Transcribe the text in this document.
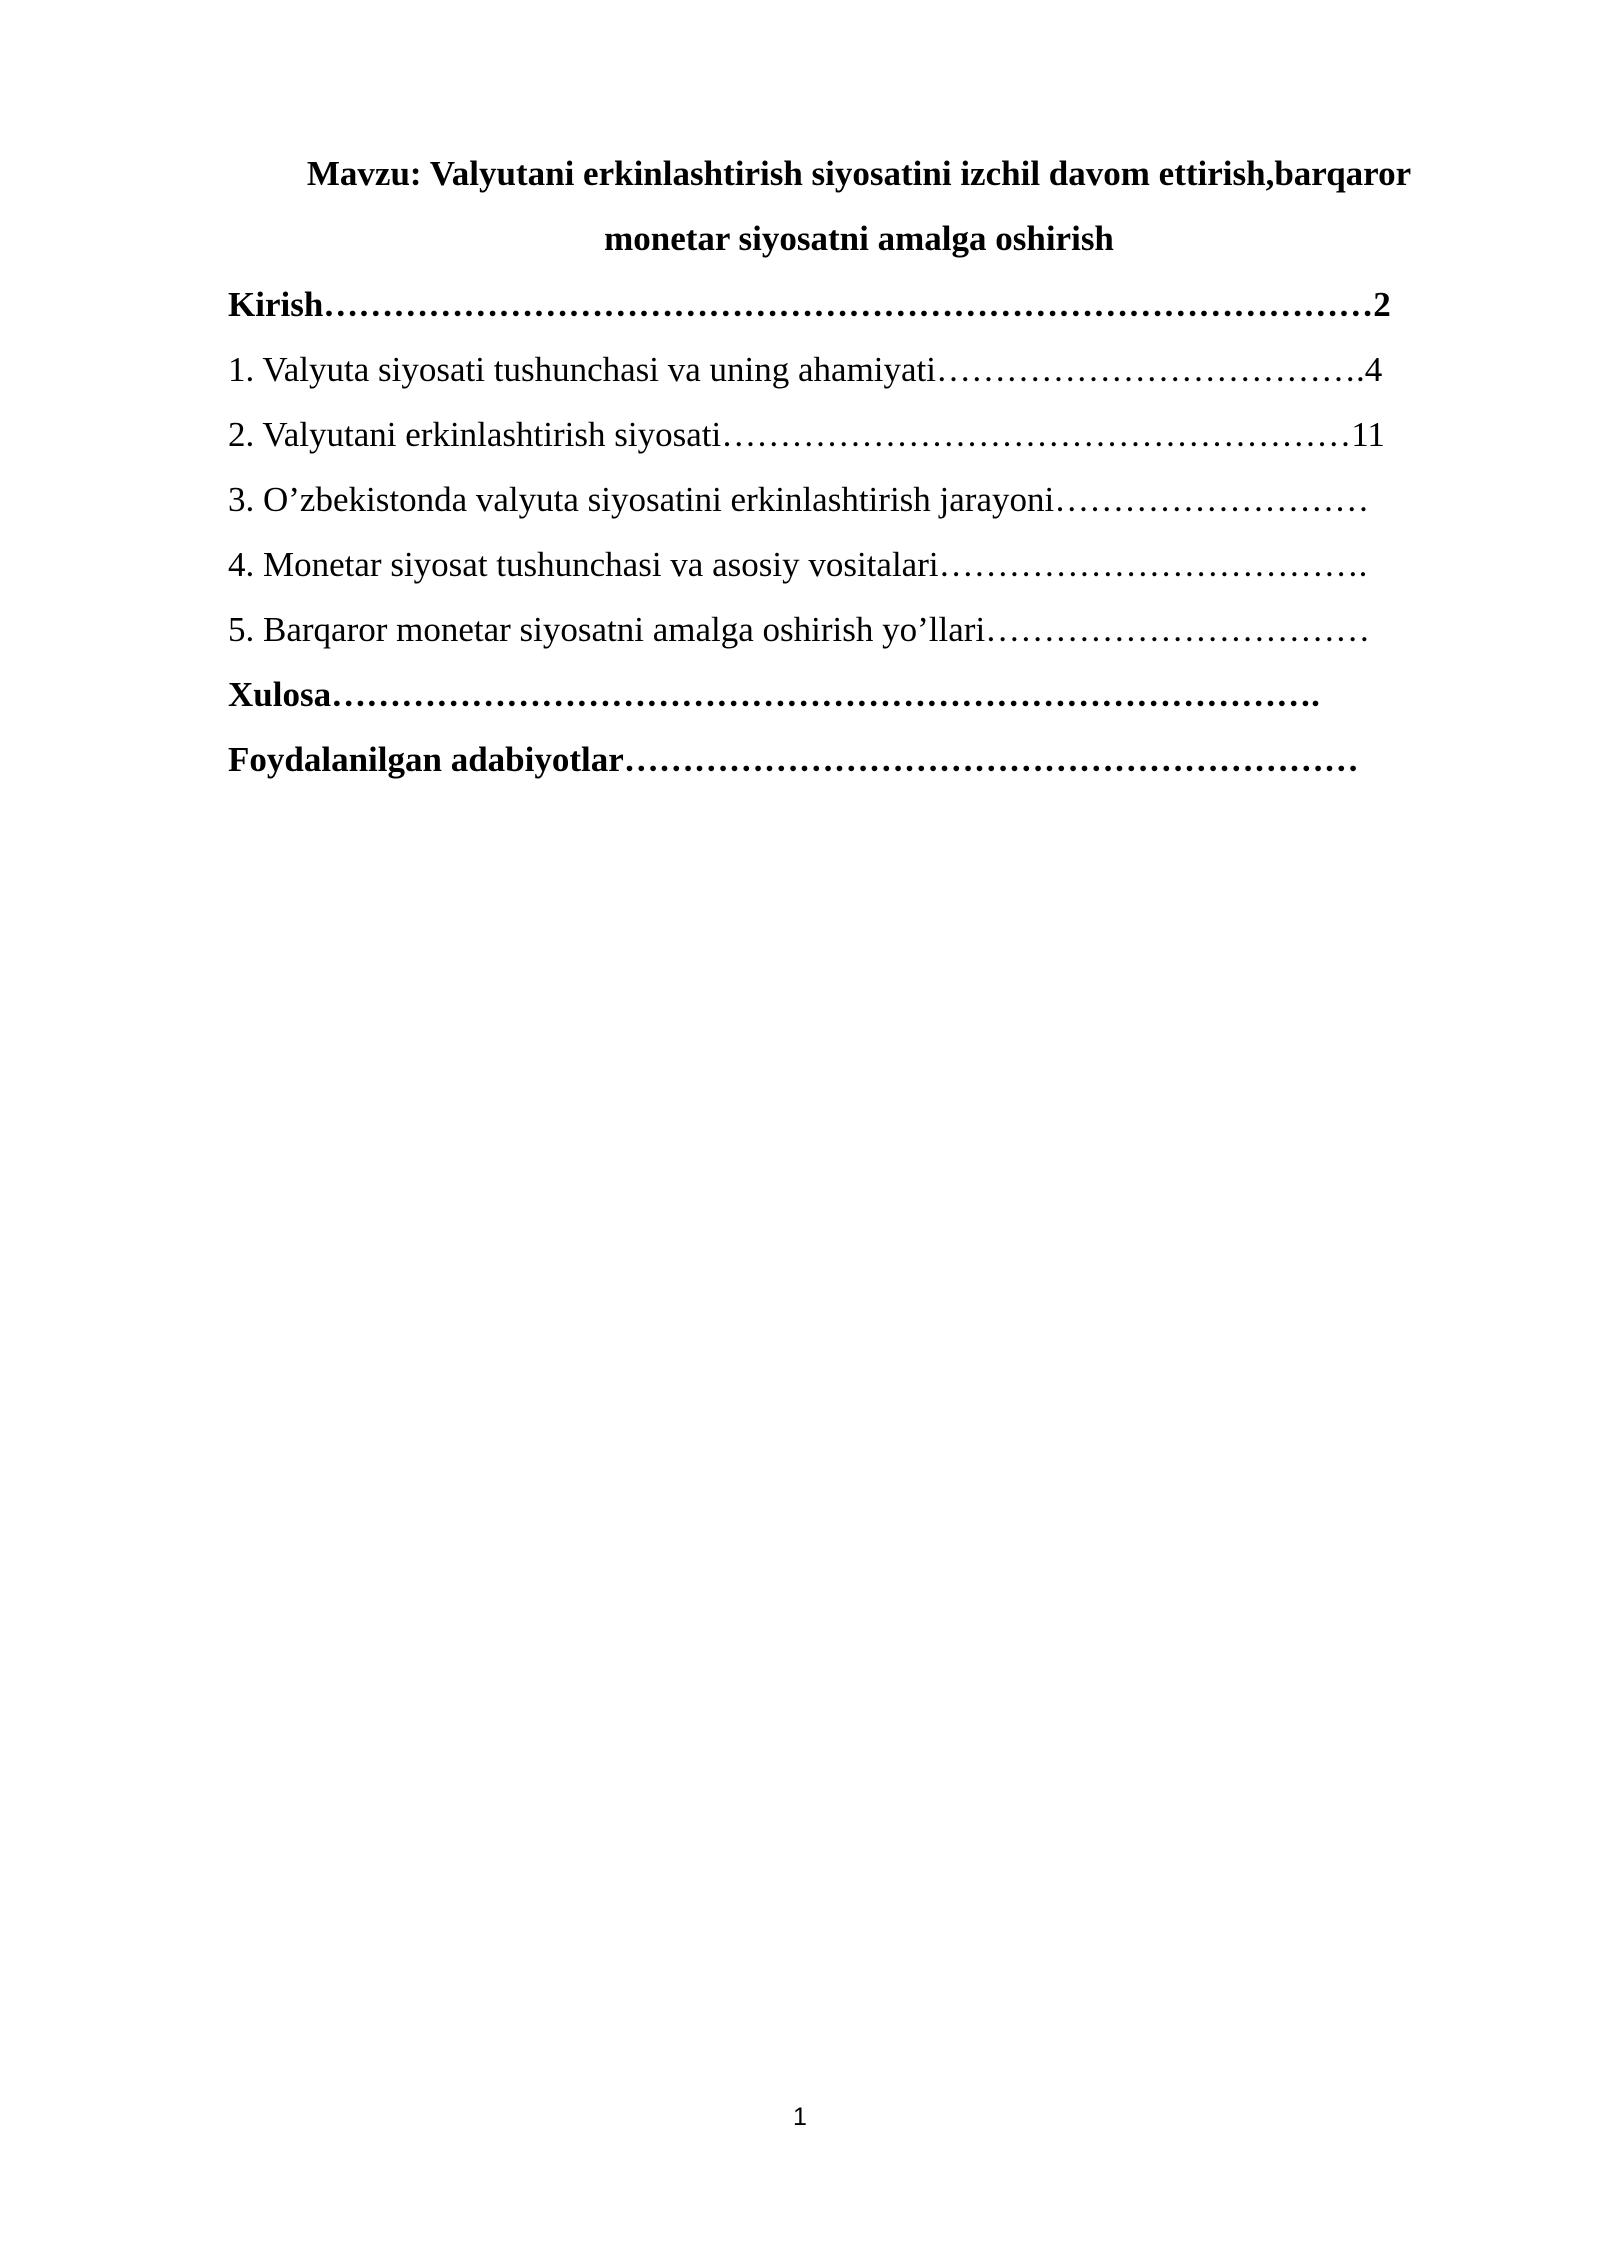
Mavzu: Valyutani erkinlashtirish siyosatini izchil davom ettirish,barqaror
monetar siyosatni amalga oshirish
Kirish………………………………………………………………………………2
1. Valyuta siyosati tushunchasi va uning ahamiyati……………………………….4
2. Valyutani erkinlashtirish siyosati………………………………………………11
3. O’zbekistonda valyuta siyosatini erkinlashtirish jarayoni………………………
4. Monetar siyosat tushunchasi va asosiy vositalari……………………………….
5. Barqaror monetar siyosatni amalga oshirish yo’llari……………………………
Xulosa………………………………………………………………………….
Foydalanilgan adabiyotlar………………………………………………………
1
